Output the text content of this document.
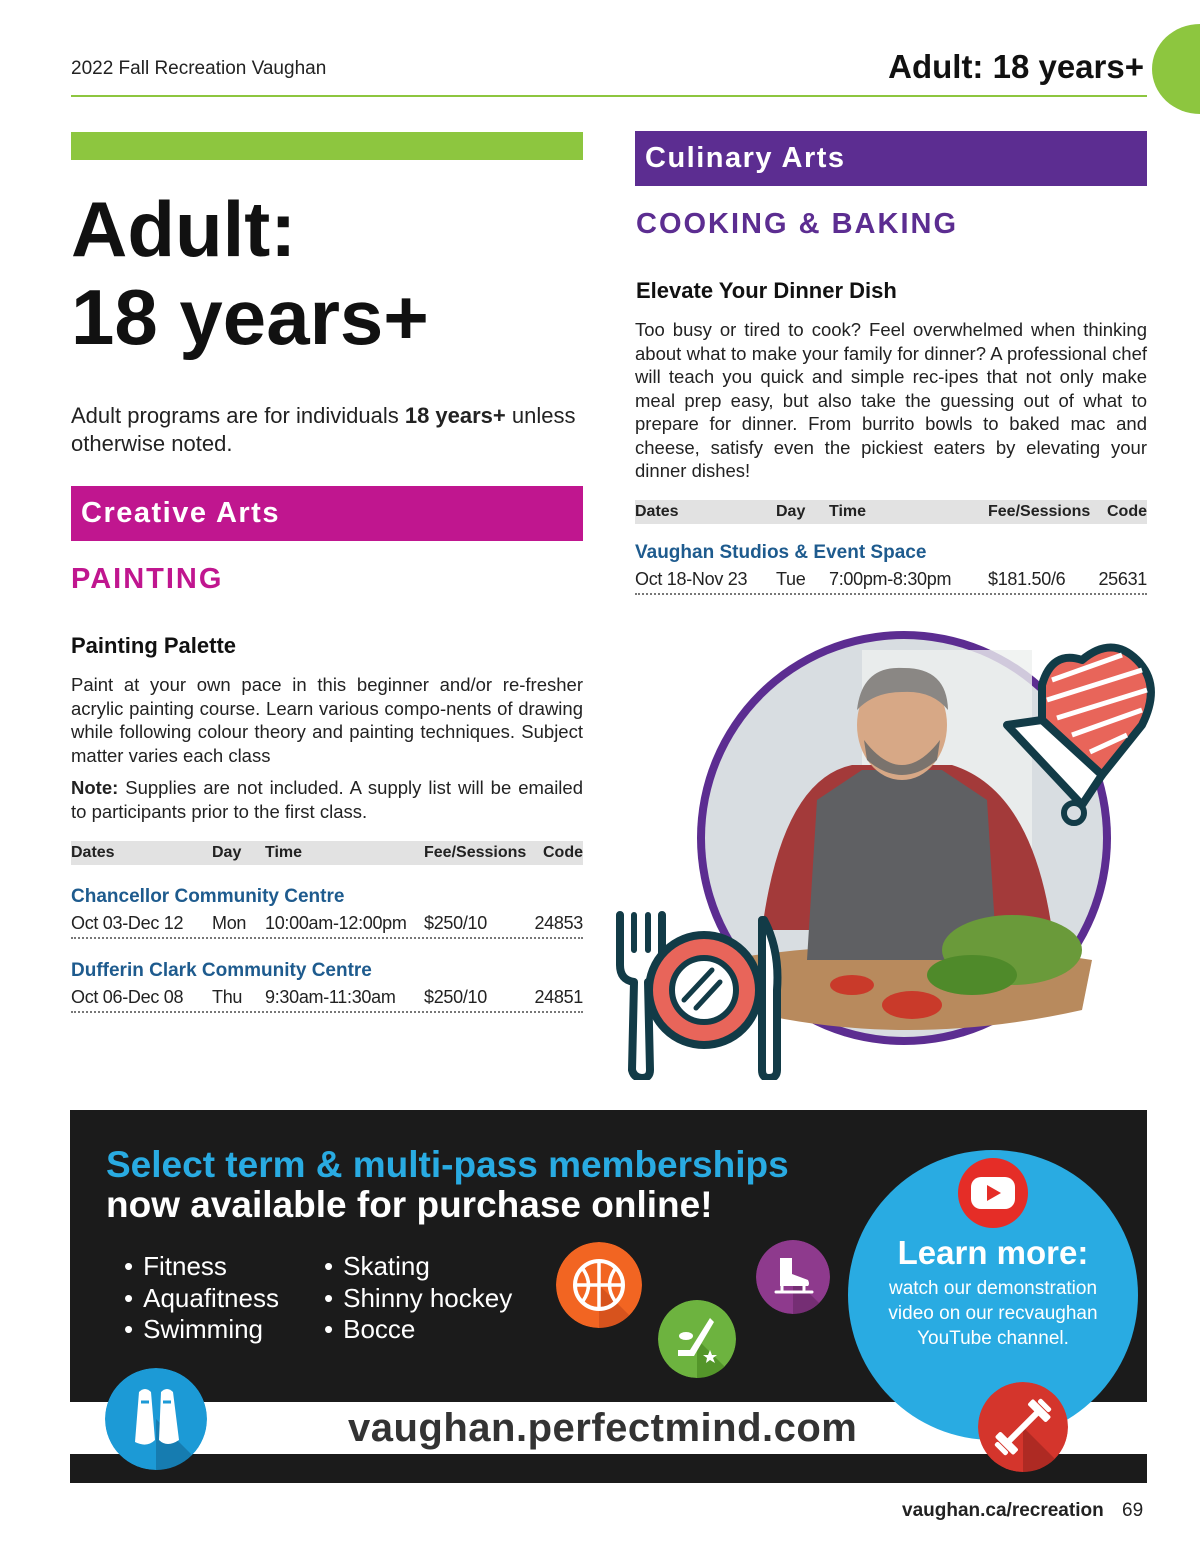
2022 Fall Recreation Vaughan	Adult: 18 years+
Adult:
18 years+
Adult programs are for individuals 18 years+ unless otherwise noted.
Creative Arts
PAINTING
Painting Palette
Paint at your own pace in this beginner and/or re-fresher acrylic painting course. Learn various compo-nents of drawing while following colour theory and painting techniques. Subject matter varies each class
Note: Supplies are not included. A supply list will be emailed to participants prior to the first class.
Dates	Day Time	Fee/Sessions Code
Chancellor Community Centre
Oct 03-Dec 12 Mon 10:00am-12:00pm $250/10	24853
Dufferin Clark Community Centre
Oct 06-Dec 08 Thu 9:30am-11:30am $250/10	24851
Culinary Arts
COOKING & BAKING
Elevate Your Dinner Dish
Too busy or tired to cook? Feel overwhelmed when thinking about what to make your family for dinner? A professional chef will teach you quick and simple rec-ipes that not only make meal prep easy, but also take the guessing out of what to prepare for dinner. From burrito bowls to baked mac and cheese, satisfy even the pickiest eaters by elevating your dinner dishes!
Dates	Day Time	Fee/Sessions Code
Vaughan Studios & Event Space
Oct 18-Nov 23 Tue 7:00pm-8:30pm $181.50/6 25631
Select term & multi-pass memberships
now available for purchase online!
• Fitness
• Aquafitness
• Swimming
• Skating
• Shinny hockey
• Bocce
Learn more:
watch our demonstration
video on our recvaughan
YouTube channel.
vaughan.perfectmind.com
vaughan.ca/recreation 69
